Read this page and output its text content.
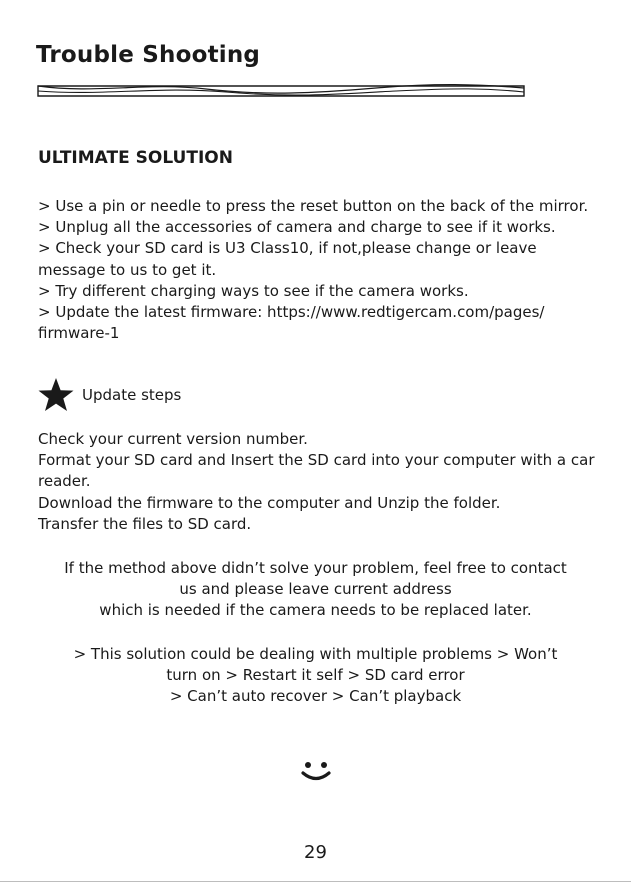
Trouble Shooting
ULTIMATE SOLUTION
> Use a pin or needle to press the reset button on the back of the mirror.
> Unplug all the accessories of camera and charge to see if it works.
> Check your SD card is U3 Class10, if not,please change or leave message to us to get it.
> Try different charging ways to see if the camera works.
> Update the latest firmware: https://www.redtigercam.com/pages/ firmware-1
Update steps
Check your current version number.
Format your SD card and Insert the SD card into your computer with a car reader.
Download the firmware to the computer and Unzip the folder.
Transfer the files to SD card.
If the method above didn’t solve your problem, feel free to contact
us and please leave current address
which is needed if the camera needs to be replaced later.
> This solution could be dealing with multiple problems > Won’t
turn on > Restart it self > SD card error
> Can’t auto recover > Can’t playback
29
